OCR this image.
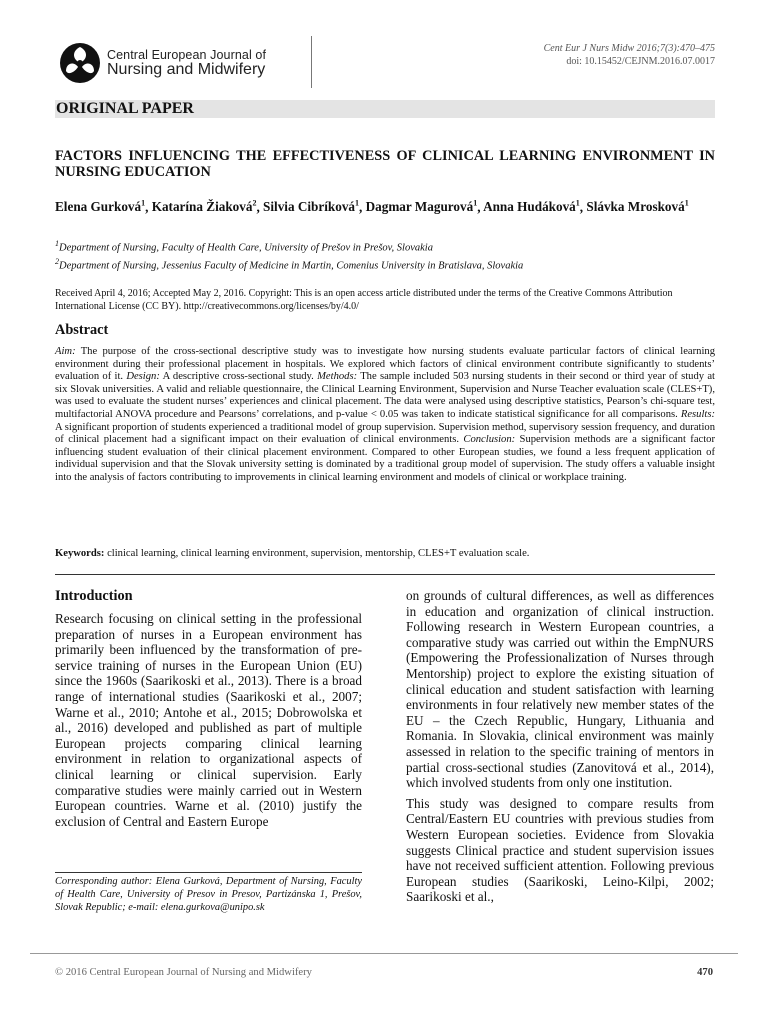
Central European Journal of
Nursing and Midwifery
Cent Eur J Nurs Midw 2016;7(3):470–475
doi: 10.15452/CEJNM.2016.07.0017
ORIGINAL PAPER
FACTORS INFLUENCING THE EFFECTIVENESS OF CLINICAL LEARNING ENVIRONMENT IN NURSING EDUCATION
Elena Gurková$^1$, Katarína Žiaková$^2$, Silvia Cibríková$^1$, Dagmar Magurová$^1$, Anna Hudáková$^1$, Slávka Mrosková$^1$
$^1$Department of Nursing, Faculty of Health Care, University of Prešov in Prešov, Slovakia
$^2$Department of Nursing, Jessenius Faculty of Medicine in Martin, Comenius University in Bratislava, Slovakia
Received April 4, 2016; Accepted May 2, 2016. Copyright: This is an open access article distributed under the terms of the Creative Commons Attribution International License (CC BY). http://creativecommons.org/licenses/by/4.0/
Abstract
Aim: The purpose of the cross-sectional descriptive study was to investigate how nursing students evaluate particular factors of clinical learning environment during their professional placement in hospitals. We explored which factors of clinical environment contribute significantly to students’ evaluation of it. Design: A descriptive cross-sectional study. Methods: The sample included 503 nursing students in their second or third year of study at six Slovak universities. A valid and reliable questionnaire, the Clinical Learning Environment, Supervision and Nurse Teacher evaluation scale (CLES+T), was used to evaluate the student nurses’ experiences and clinical placement. The data were analysed using descriptive statistics, Pearson’s chi-square test, multifactorial ANOVA procedure and Pearsons’ correlations, and p-value < 0.05 was taken to indicate statistical significance for all comparisons. Results: A significant proportion of students experienced a traditional model of group supervision. Supervision method, supervisory session frequency, and duration of clinical placement had a significant impact on their evaluation of clinical environments. Conclusion: Supervision methods are a significant factor influencing student evaluation of their clinical placement environment. Compared to other European studies, we found a less frequent application of individual supervision and that the Slovak university setting is dominated by a traditional group model of supervision. The study offers a valuable insight into the analysis of factors contributing to improvements in clinical learning environment and models of clinical or workplace training.
Keywords: clinical learning, clinical learning environment, supervision, mentorship, CLES+T evaluation scale.
Introduction
Research focusing on clinical setting in the professional preparation of nurses in a European environment has primarily been influenced by the transformation of pre-service training of nurses in the European Union (EU) since the 1960s (Saarikoski et al., 2013). There is a broad range of international studies (Saarikoski et al., 2007; Warne et al., 2010; Antohe et al., 2015; Dobrowolska et al., 2016) developed and published as part of multiple European projects comparing clinical learning environment in relation to organizational aspects of clinical learning or clinical supervision. Early comparative studies were mainly carried out in Western European countries. Warne et al. (2010) justify the exclusion of Central and Eastern Europe
on grounds of cultural differences, as well as differences in education and organization of clinical instruction. Following research in Western European countries, a comparative study was carried out within the EmpNURS (Empowering the Professionalization of Nurses through Mentorship) project to explore the existing situation of clinical education and student satisfaction with learning environments in four relatively new member states of the EU – the Czech Republic, Hungary, Lithuania and Romania. In Slovakia, clinical environment was mainly assessed in relation to the specific training of mentors in partial cross-sectional studies (Zanovitová et al., 2014), which involved students from only one institution.
This study was designed to compare results from Central/Eastern EU countries with previous studies from Western European societies. Evidence from Slovakia suggests Clinical practice and student supervision issues have not received sufficient attention. Following previous European studies (Saarikoski, Leino-Kilpi, 2002; Saarikoski et al.,
Corresponding author: Elena Gurková, Department of Nursing, Faculty of Health Care, University of Presov in Presov, Partizánska 1, Prešov, Slovak Republic; e-mail: elena.gurkova@unipo.sk
© 2016 Central European Journal of Nursing and Midwifery	470
